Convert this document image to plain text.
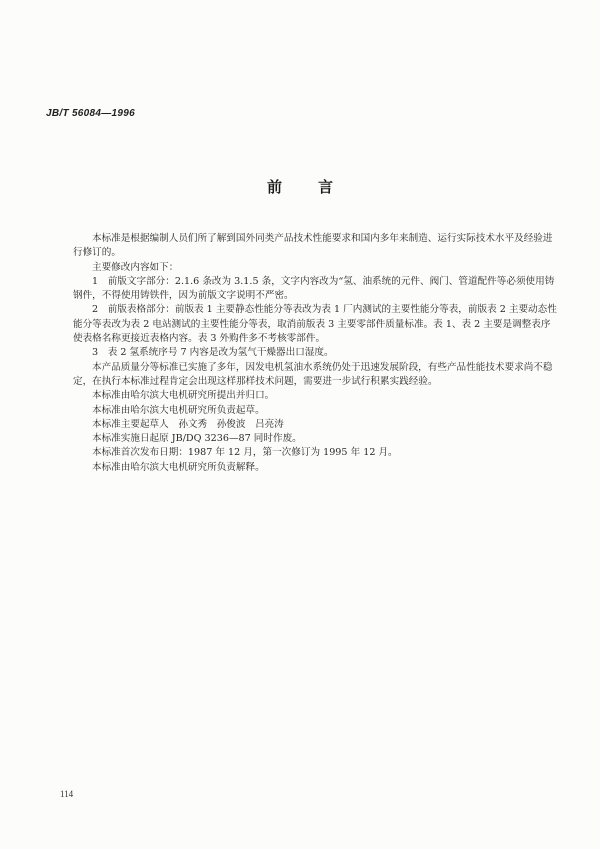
JB/T 56084—1996
前言

本标准是根据编制人员们所了解到国外同类产品技术性能要求和国内多年来制造、运行实际技术水平及经验进行修订的。

主要修改内容如下：

1　前版文字部分：2.1.6 条改为 3.1.5 条，文字内容改为“氢、油系统的元件、阀门、管道配件等必须使用铸钢件，不得使用铸铁件，因为前版文字说明不严密。

2　前版表格部分：前版表 1 主要静态性能分等表改为表 1 厂内测试的主要性能分等表，前版表 2 主要动态性能分等表改为表 2 电站测试的主要性能分等表，取消前版表 3 主要零部件质量标准。表 1、表 2 主要是调整表序使表格名称更接近表格内容。表 3 外购件多不考核零部件。

3　表 2 氢系统序号 7 内容是改为氢气干燥器出口湿度。

本产品质量分等标准已实施了多年，因发电机氢油水系统仍处于迅速发展阶段，有些产品性能技术要求尚不稳定，在执行本标准过程肯定会出现这样那样技术问题，需要进一步试行积累实践经验。

本标准由哈尔滨大电机研究所提出并归口。

本标准由哈尔滨大电机研究所负责起草。

本标准主要起草人　孙文秀　孙俊波　吕亮涛

本标准实施日起原 JB/DQ 3236—87 同时作废。

本标准首次发布日期：1987 年 12 月，第一次修订为 1995 年 12 月。

本标准由哈尔滨大电机研究所负责解释。

114
